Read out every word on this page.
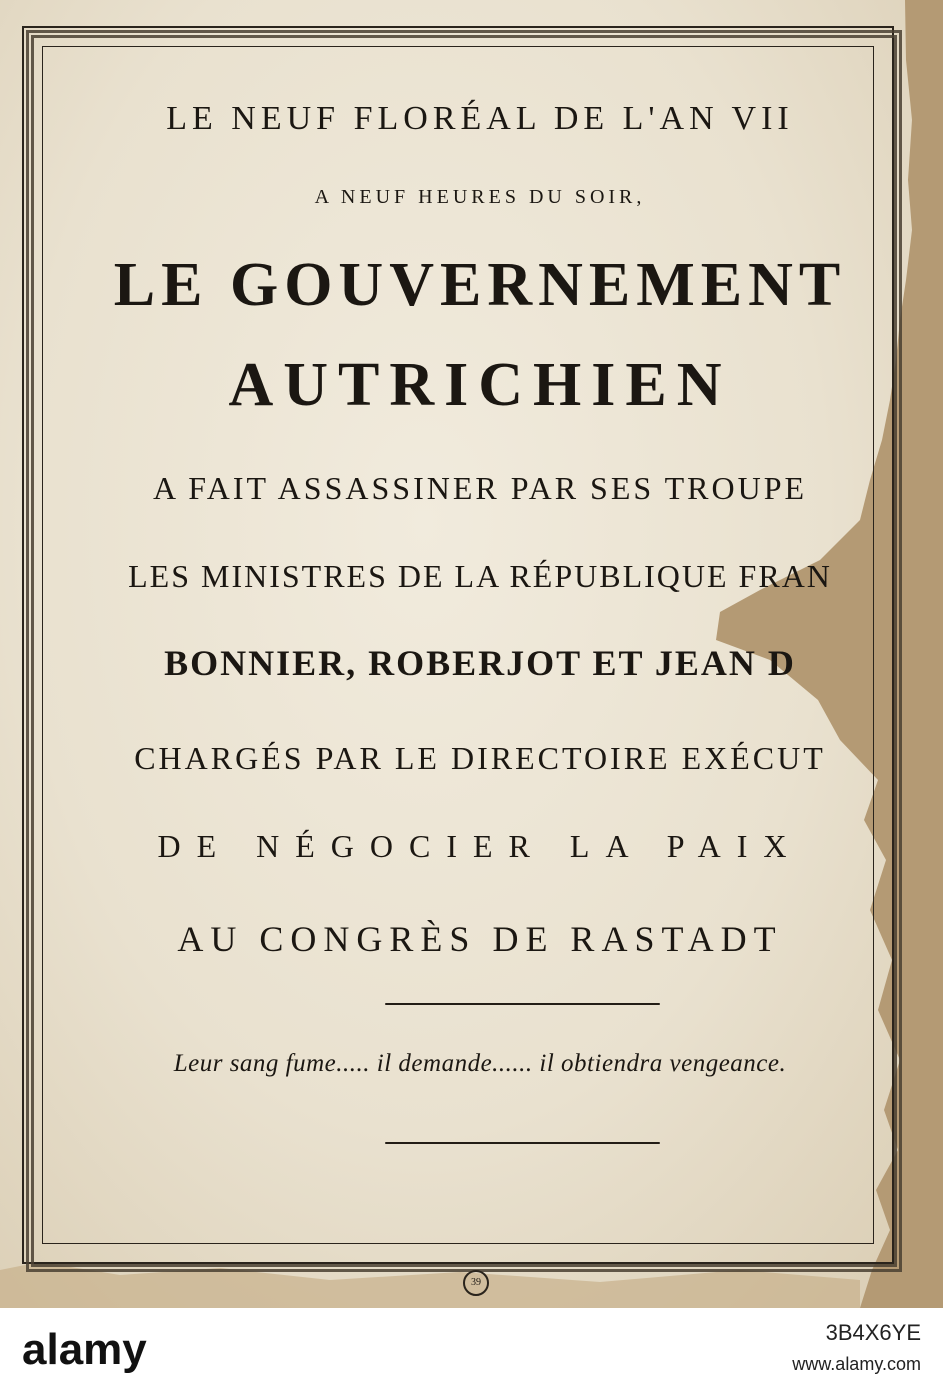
LE NEUF FLORÉAL DE L'AN VII
A NEUF HEURES DU SOIR,
LE GOUVERNEMENT
AUTRICHIEN
A FAIT ASSASSINER PAR SES TROUPE
LES MINISTRES DE LA RÉPUBLIQUE FRAN
BONNIER, ROBERJOT ET JEAN D
CHARGÉS PAR LE DIRECTOIRE EXÉCUT
DE NÉGOCIER LA PAIX
AU CONGRÈS DE RASTADT
Leur sang fume..... il demande...... il obtiendra vengeance.
39
alamy	3B4X6YE
www.alamy.com
